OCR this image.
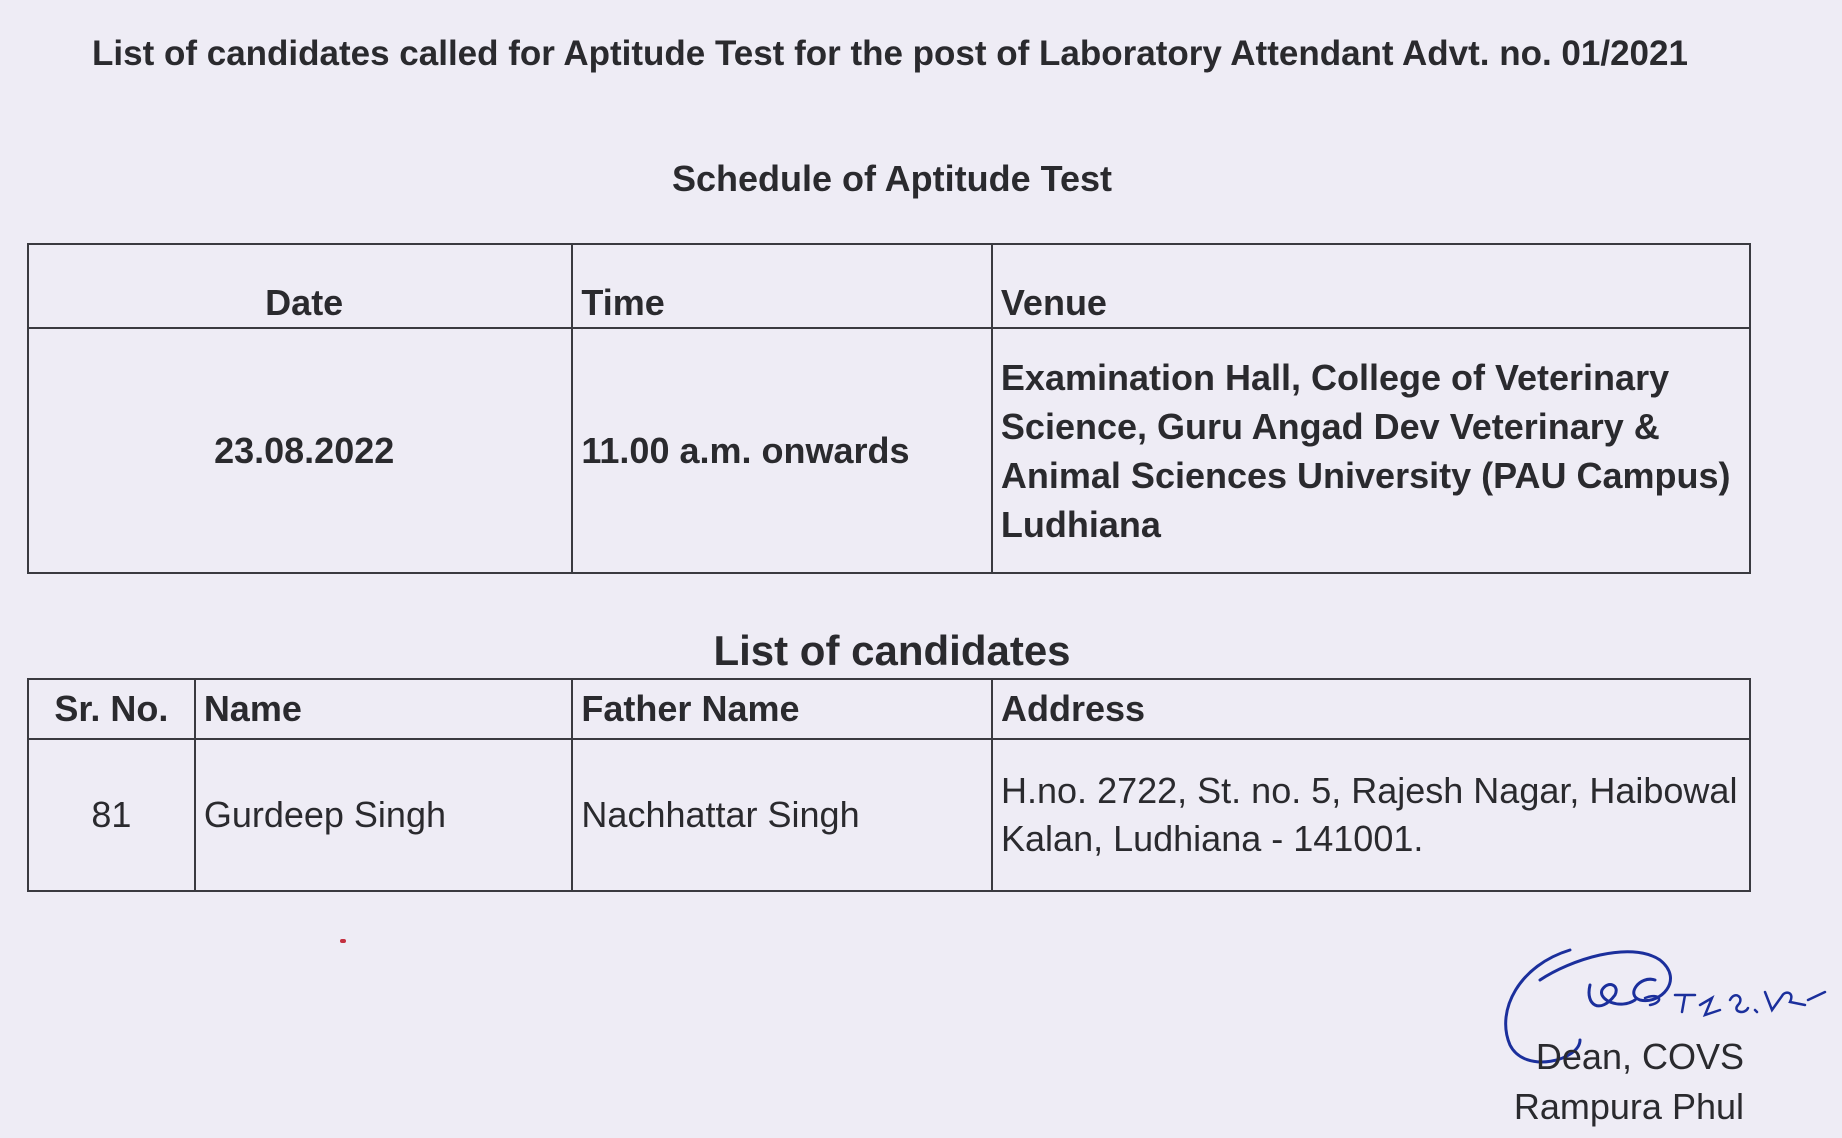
List of candidates called for Aptitude Test for the post of Laboratory Attendant Advt. no. 01/2021
Schedule of Aptitude Test
Date	Time	Venue
23.08.2022	11.00 a.m. onwards	Examination Hall, College of Veterinary Science, Guru Angad Dev Veterinary & Animal Sciences University (PAU Campus) Ludhiana
List of candidates
Sr. No.	Name	Father Name	Address
81	Gurdeep Singh	Nachhattar Singh	H.no. 2722, St. no. 5, Rajesh Nagar, Haibowal Kalan, Ludhiana - 141001.
Dean, COVS
Rampura Phul
